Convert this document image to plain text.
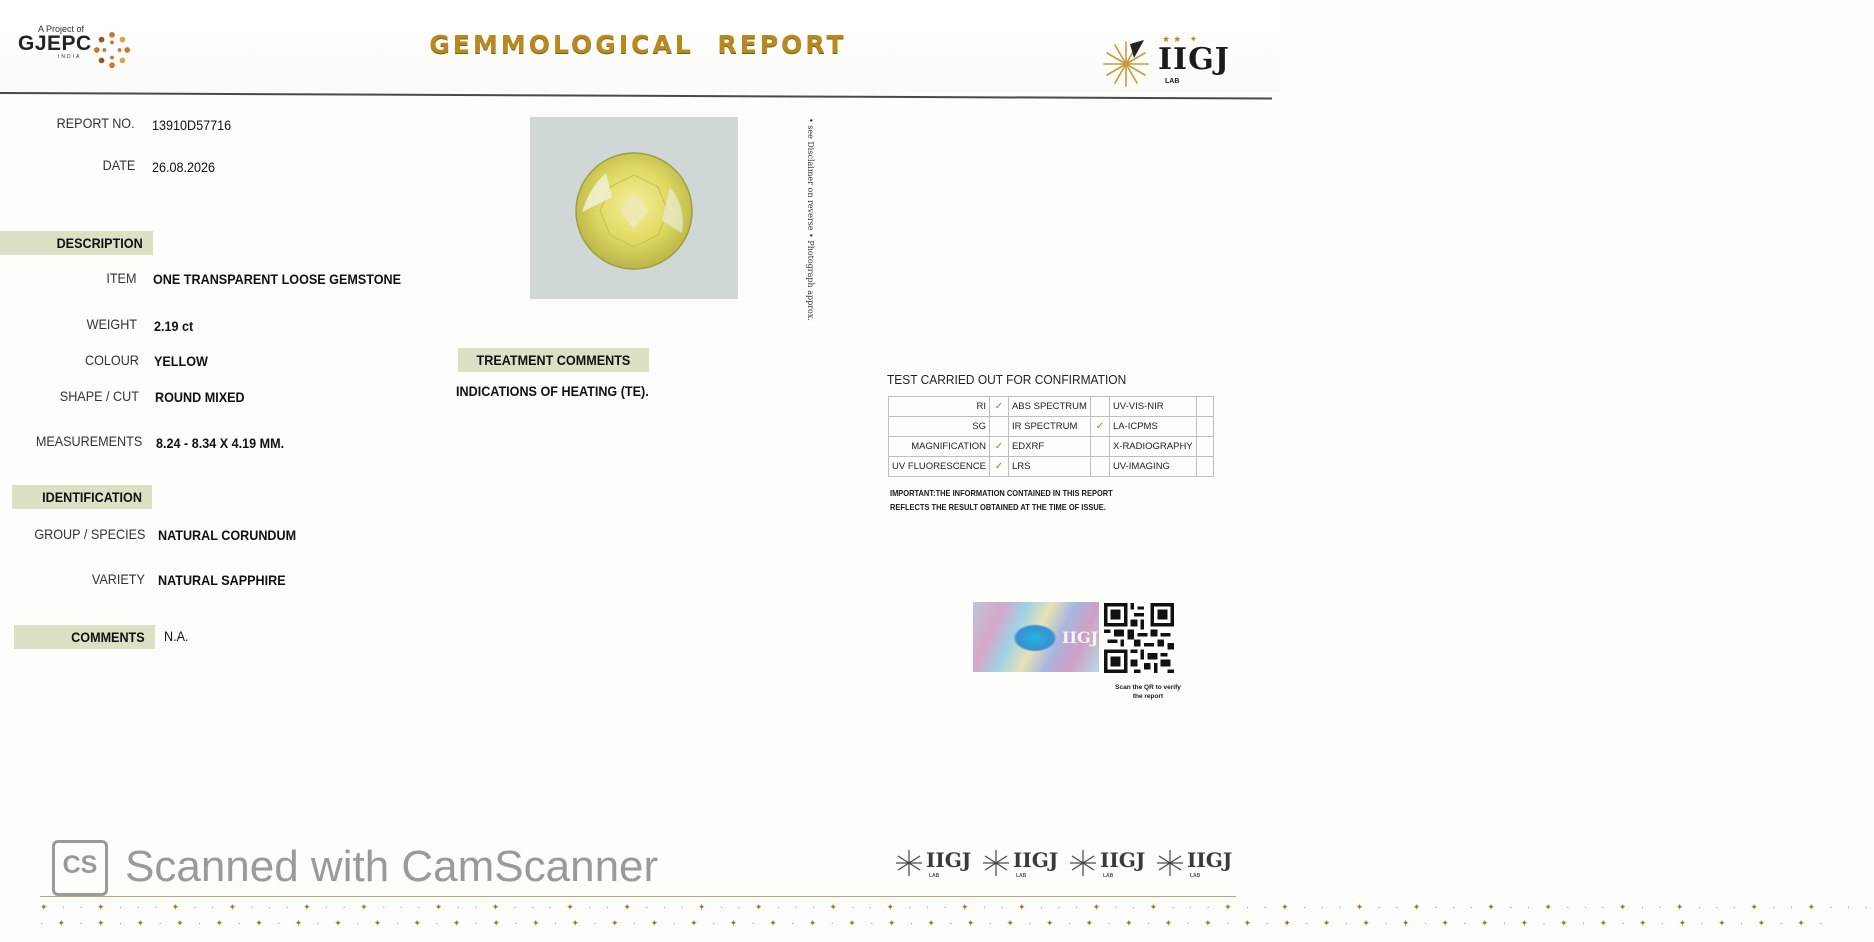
A Project of
GJEPC
INDIA	GEMMOLOGICAL REPORT	★★ ✦
IIGJ
LAB
REPORT NO. 13910D57716
DATE 26.08.2026
DESCRIPTION
ITEM ONE TRANSPARENT LOOSE GEMSTONE
WEIGHT 2.19 ct
COLOUR YELLOW
SHAPE / CUT ROUND MIXED
MEASUREMENTS 8.24 - 8.34 X 4.19 MM.
IDENTIFICATION
GROUP / SPECIES NATURAL CORUNDUM
VARIETY NATURAL SAPPHIRE
COMMENTS	N.A.
• see Disclaimer on reverse • Photograph approx.
TREATMENT COMMENTS
INDICATIONS OF HEATING (TE).
TEST CARRIED OUT FOR CONFIRMATION
RI	✓	ABS SPECTRUM		UV-VIS-NIR	
SG		IR SPECTRUM	✓	LA-ICPMS	
MAGNIFICATION	✓	EDXRF		X-RADIOGRAPHY	
UV FLUORESCENCE	✓	LRS		UV-IMAGING	
IMPORTANT:THE INFORMATION CONTAINED IN THIS REPORT REFLECTS THE RESULT OBTAINED AT THE TIME OF ISSUE.
IIGJ
Scan the QR to verify the report
CS Scanned with CamScanner	IIGJ
LAB
IIGJ
LAB
IIGJ
LAB
IIGJ
LAB
✦ · · ✦ · · · ✦ · · ✦ · · · ✦ · · ✦ · · · ✦ · · ✦ · · · ✦ · · ✦ · · · ✦ · · ✦ · · · ✦ · · ✦ · · · ✦ · · ✦ · · · ✦ · · ✦ · · · ✦ · · ✦ · · · ✦ · · ✦ · · · ✦ · · ✦ · · · ✦ · · ✦ · · · ✦ · · ✦ · · ·
· ✦ · ✦ · ✦ · ✦ · ✦ · ✦ · ✦ · ✦ · ✦ · ✦ · ✦ · ✦ · ✦ · ✦ · ✦ · ✦ · ✦ · ✦ · ✦ · ✦ · ✦ · ✦ · ✦ · ✦ · ✦ · ✦ · ✦ · ✦ · ✦ · ✦ · ✦ · ✦ · ✦ · ✦ · ✦ · ✦ · ✦ · ✦ · ✦ · ✦ · ✦ · ✦ · ✦ · ✦ · ✦ ·
